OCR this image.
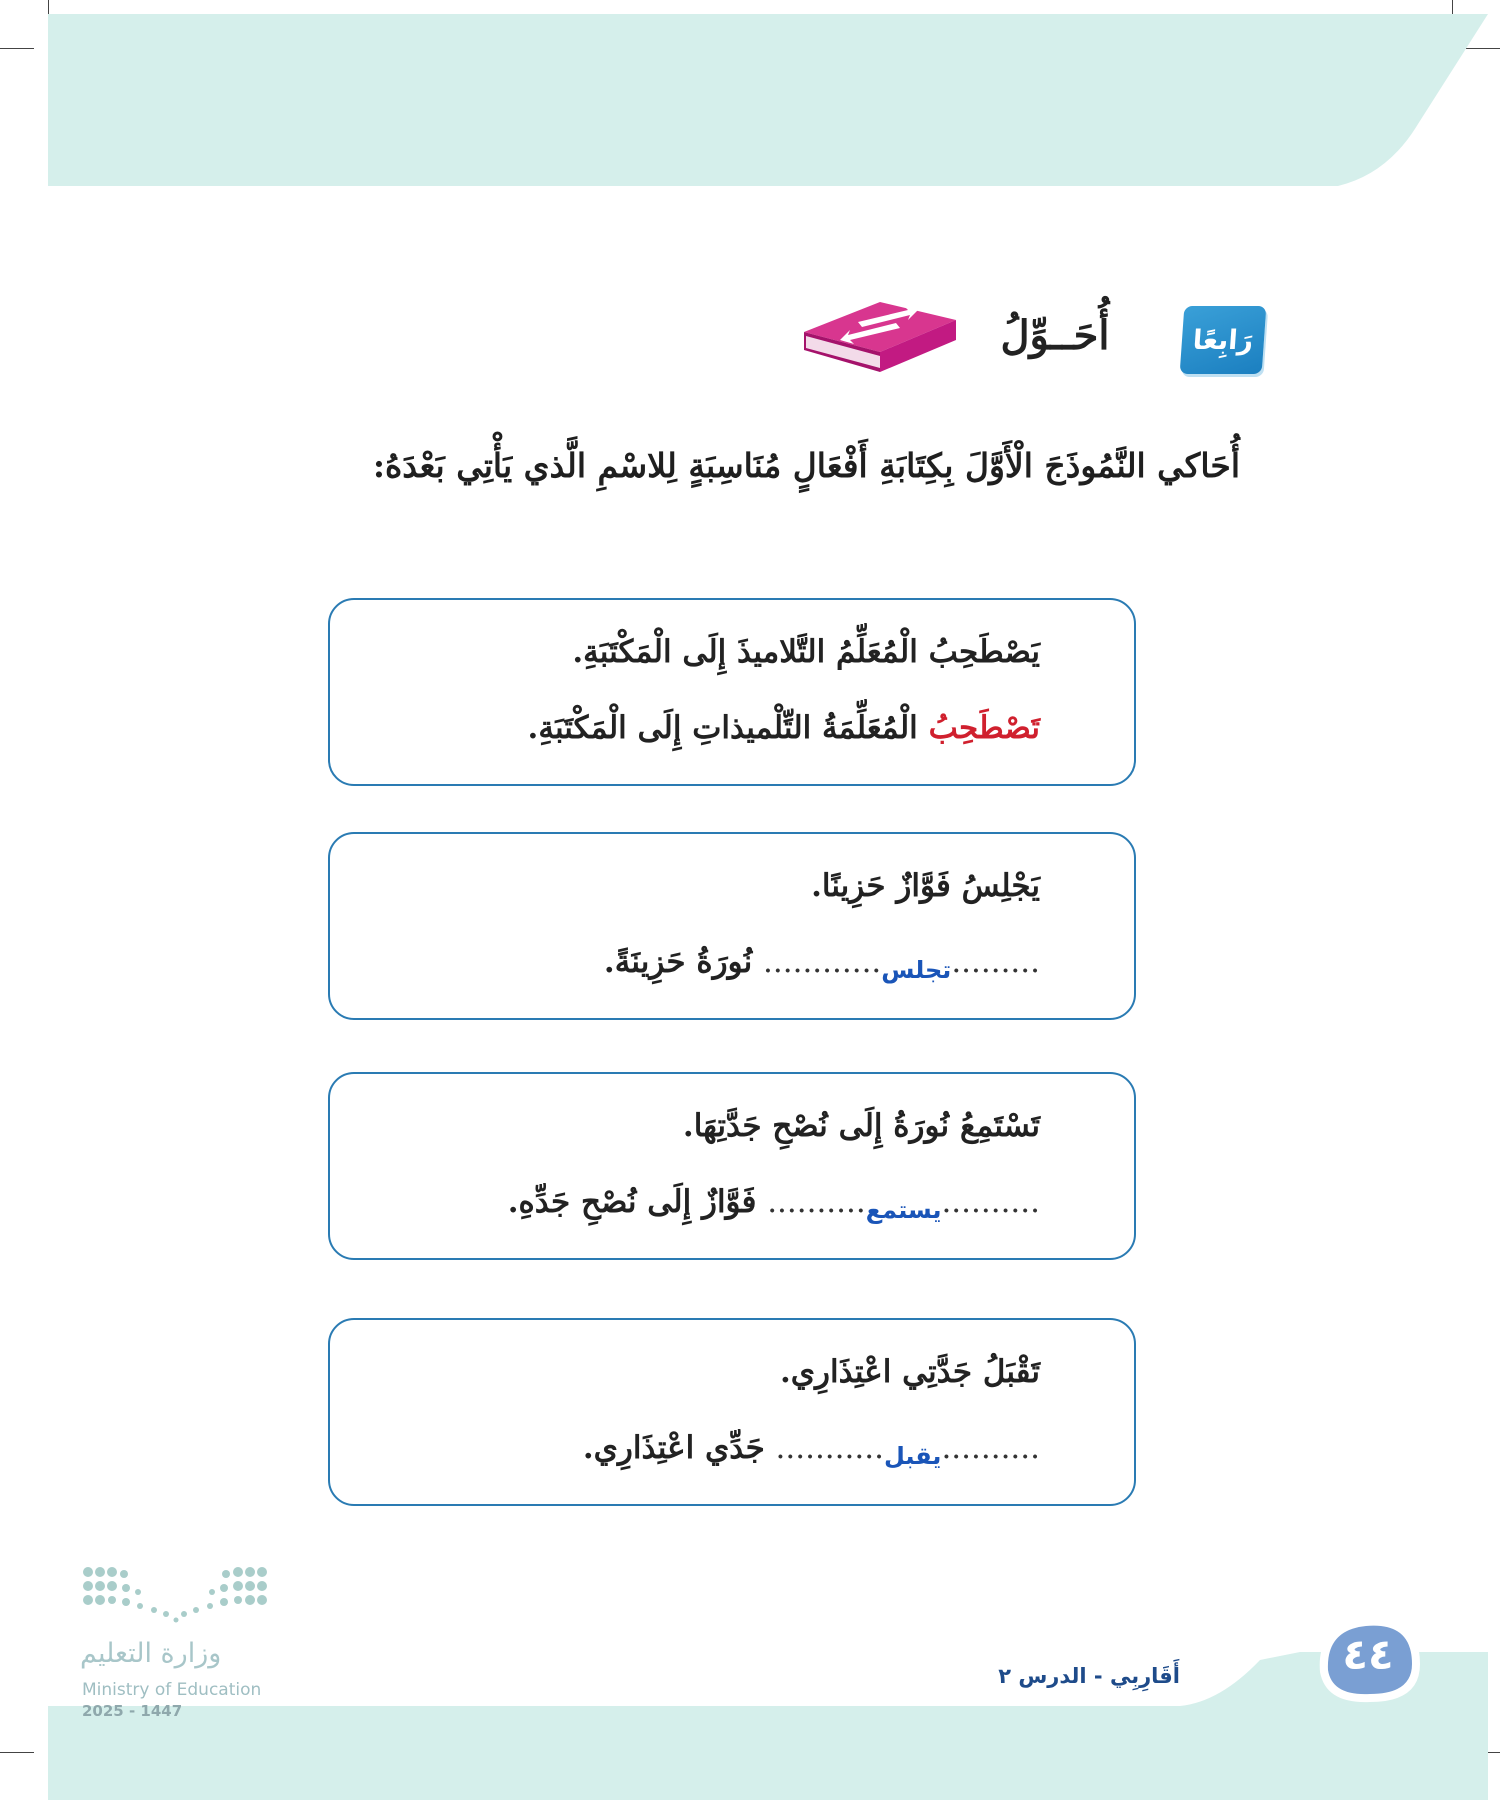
رَابِعًا
أُحَــوِّلُ
أُحَاكي النَّمُوذَجَ الْأَوَّلَ بِكِتَابَةِ أَفْعَالٍ مُنَاسِبَةٍ لِلاسْمِ الَّذي يَأْتِي بَعْدَهُ:
يَصْطَحِبُ الْمُعَلِّمُ التَّلاميذَ إِلَى الْمَكْتَبَةِ.
تَصْطَحِبُ الْمُعَلِّمَةُ التِّلْميذاتِ إِلَى الْمَكْتَبَةِ.
يَجْلِسُ فَوَّازٌ حَزِينًا.
.........تجلس............ نُورَةُ حَزِينَةً.
تَسْتَمِعُ نُورَةُ إِلَى نُصْحِ جَدَّتِهَا.
..........يستمع.......... فَوَّازٌ إِلَى نُصْحِ جَدِّهِ.
تَقْبَلُ جَدَّتِي اعْتِذَارِي.
..........يقبل........... جَدِّي اعْتِذَارِي.
وزارة التعليم
Ministry of Education
2025 - 1447
أَقَارِبِي - الدرس ٢	٤٤
